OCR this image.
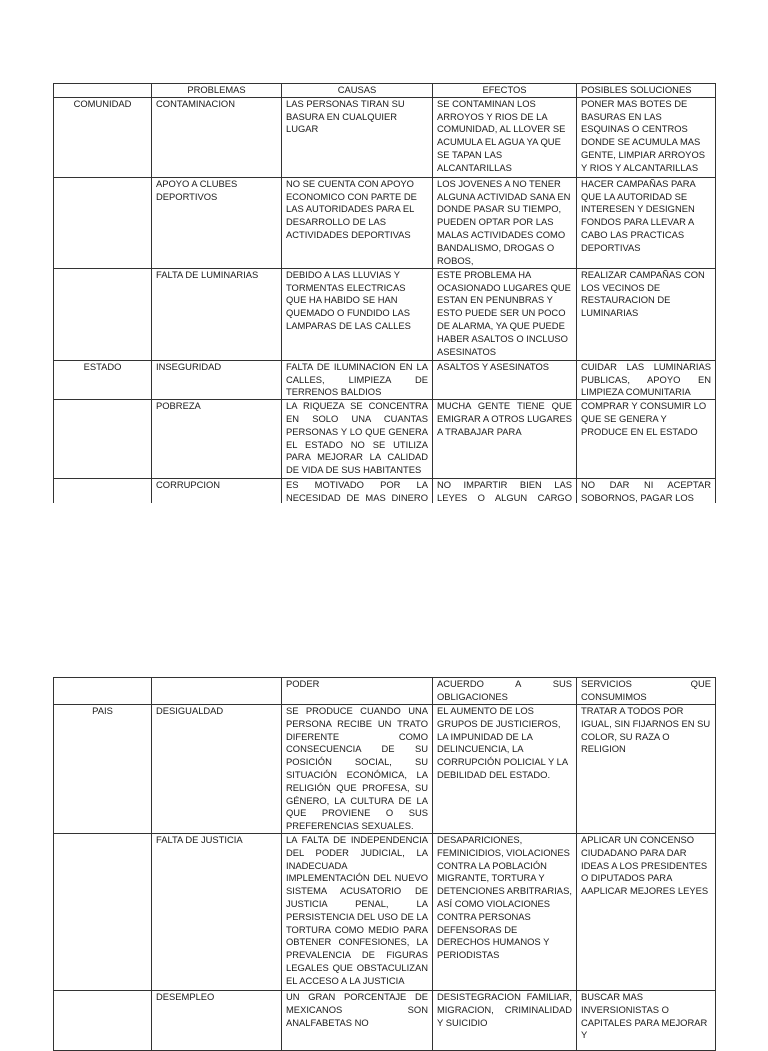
	PROBLEMAS	CAUSAS	EFECTOS	POSIBLES SOLUCIONES
COMUNIDAD	CONTAMINACION	LAS PERSONAS TIRAN SU BASURA EN CUALQUIER LUGAR	SE CONTAMINAN LOS ARROYOS Y RIOS DE LA COMUNIDAD, AL LLOVER SE ACUMULA EL AGUA YA QUE SE TAPAN LAS ALCANTARILLAS	PONER MAS BOTES DE BASURAS EN LAS ESQUINAS O CENTROS DONDE SE ACUMULA MAS GENTE, LIMPIAR ARROYOS Y RIOS Y ALCANTARILLAS
	APOYO A CLUBES DEPORTIVOS	NO SE CUENTA CON APOYO ECONOMICO CON PARTE DE LAS AUTORIDADES PARA EL DESARROLLO DE LAS ACTIVIDADES DEPORTIVAS	LOS JOVENES A NO TENER ALGUNA ACTIVIDAD SANA EN DONDE PASAR SU TIEMPO, PUEDEN OPTAR POR LAS MALAS ACTIVIDADES COMO BANDALISMO, DROGAS O ROBOS,	HACER CAMPAÑAS PARA QUE LA AUTORIDAD SE INTERESEN Y DESIGNEN FONDOS PARA LLEVAR A CABO LAS PRACTICAS DEPORTIVAS
	FALTA DE LUMINARIAS	DEBIDO A LAS LLUVIAS Y TORMENTAS ELECTRICAS QUE HA HABIDO SE HAN QUEMADO O FUNDIDO LAS LAMPARAS DE LAS CALLES	ESTE PROBLEMA HA OCASIONADO LUGARES QUE ESTAN EN PENUNBRAS Y ESTO PUEDE SER UN POCO DE ALARMA, YA QUE PUEDE HABER ASALTOS O INCLUSO ASESINATOS	REALIZAR CAMPAÑAS CON LOS VECINOS DE RESTAURACION DE LUMINARIAS
ESTADO	INSEGURIDAD	FALTA DE ILUMINACION EN LA CALLES, LIMPIEZA DE TERRENOS BALDIOS	ASALTOS Y ASESINATOS	CUIDAR LAS LUMINARIAS PUBLICAS, APOYO EN LIMPIEZA COMUNITARIA
	POBREZA	LA RIQUEZA SE CONCENTRA EN SOLO UNA CUANTAS PERSONAS Y LO QUE GENERA EL ESTADO NO SE UTILIZA PARA MEJORAR LA CALIDAD DE VIDA DE SUS HABITANTES	MUCHA GENTE TIENE QUE EMIGRAR A OTROS LUGARES A TRABAJAR PARA	COMPRAR Y CONSUMIR LO QUE SE GENERA Y PRODUCE EN EL ESTADO
	CORRUPCION	ES MOTIVADO POR LA NECESIDAD DE MAS DINERO	NO IMPARTIR BIEN LAS LEYES O ALGUN CARGO	NO DAR NI ACEPTAR SOBORNOS, PAGAR LOS
		PODER	ACUERDO A SUS OBLIGACIONES	SERVICIOS QUE CONSUMIMOS
PAIS	DESIGUALDAD	SE PRODUCE CUANDO UNA PERSONA RECIBE UN TRATO DIFERENTE COMO CONSECUENCIA DE SU POSICIÓN SOCIAL, SU SITUACIÓN ECONÓMICA, LA RELIGIÓN QUE PROFESA, SU GÉNERO, LA CULTURA DE LA QUE PROVIENE O SUS PREFERENCIAS SEXUALES.	EL AUMENTO DE LOS GRUPOS DE JUSTICIEROS, LA IMPUNIDAD DE LA DELINCUENCIA, LA CORRUPCIÓN POLICIAL Y LA DEBILIDAD DEL ESTADO.	TRATAR A TODOS POR IGUAL, SIN FIJARNOS EN SU COLOR, SU RAZA O RELIGION
	FALTA DE JUSTICIA	LA FALTA DE INDEPENDENCIA DEL PODER JUDICIAL, LA INADECUADA IMPLEMENTACIÓN DEL NUEVO SISTEMA ACUSATORIO DE JUSTICIA PENAL, LA PERSISTENCIA DEL USO DE LA TORTURA COMO MEDIO PARA OBTENER CONFESIONES, LA PREVALENCIA DE FIGURAS LEGALES QUE OBSTACULIZAN EL ACCESO A LA JUSTICIA	DESAPARICIONES, FEMINICIDIOS, VIOLACIONES CONTRA LA POBLACIÓN MIGRANTE, TORTURA Y DETENCIONES ARBITRARIAS, ASÍ COMO VIOLACIONES CONTRA PERSONAS DEFENSORAS DE DERECHOS HUMANOS Y PERIODISTAS	APLICAR UN CONCENSO CIUDADANO PARA DAR IDEAS A LOS PRESIDENTES O DIPUTADOS PARA AAPLICAR MEJORES LEYES
	DESEMPLEO	UN GRAN PORCENTAJE DE MEXICANOS SON ANALFABETAS NO	DESISTEGRACION FAMILIAR, MIGRACION, CRIMINALIDAD Y SUICIDIO	BUSCAR MAS INVERSIONISTAS O CAPITALES PARA MEJORAR Y
